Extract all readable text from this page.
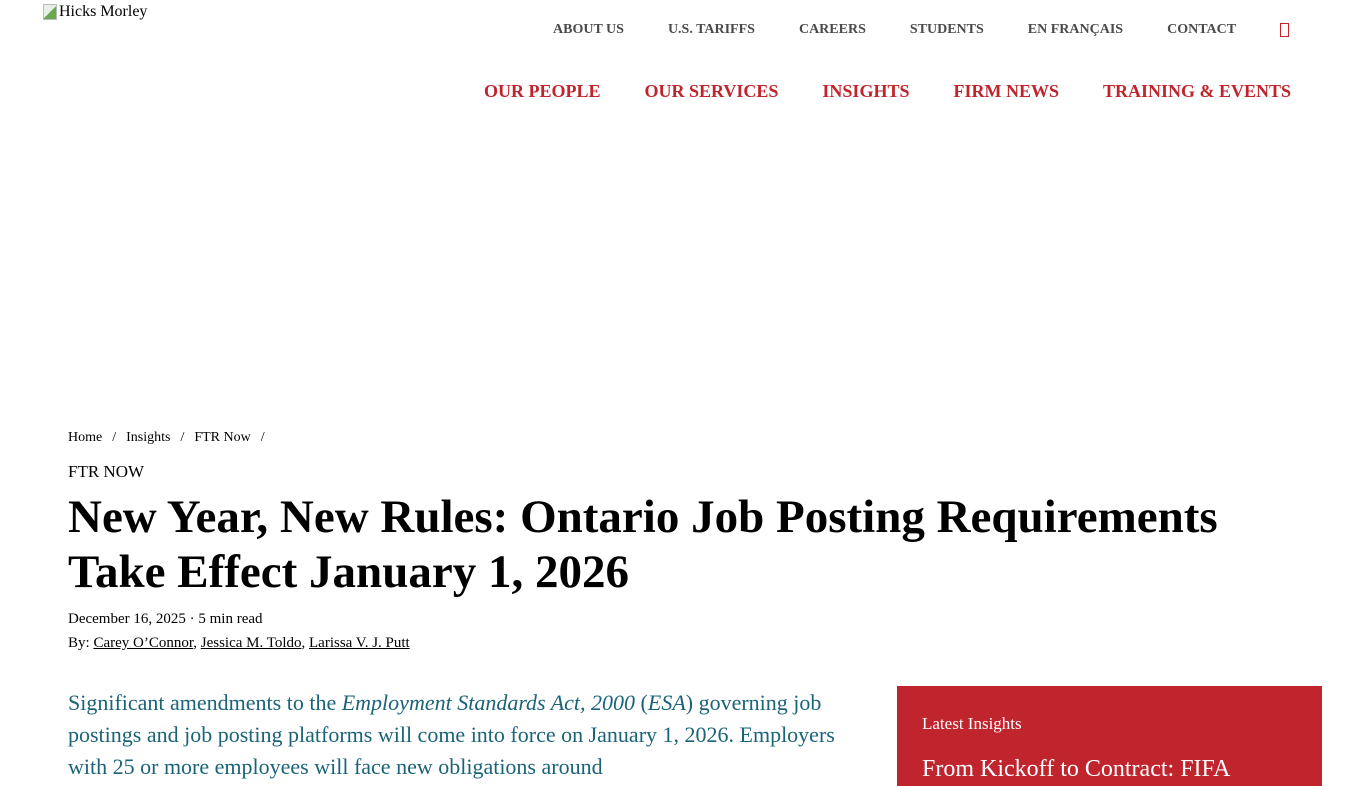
Hicks Morley
ABOUT US	U.S. TARIFFS	CAREERS	STUDENTS	EN FRANÇAIS	CONTACT
OUR PEOPLE OUR SERVICES INSIGHTS FIRM NEWS TRAINING & EVENTS
Home / Insights / FTR Now /
FTR NOW
New Year, New Rules: Ontario Job Posting Requirements Take Effect January 1, 2026
December 16, 2025 · 5 min read
By: Carey O’Connor, Jessica M. Toldo, Larissa V. J. Putt

Significant amendments to the Employment Standards Act, 2000 (ESA) governing job postings and job posting platforms will come into force on January 1, 2026. Employers with 25 or more employees will face new obligations around

Latest Insights
From Kickoff to Contract: FIFA
